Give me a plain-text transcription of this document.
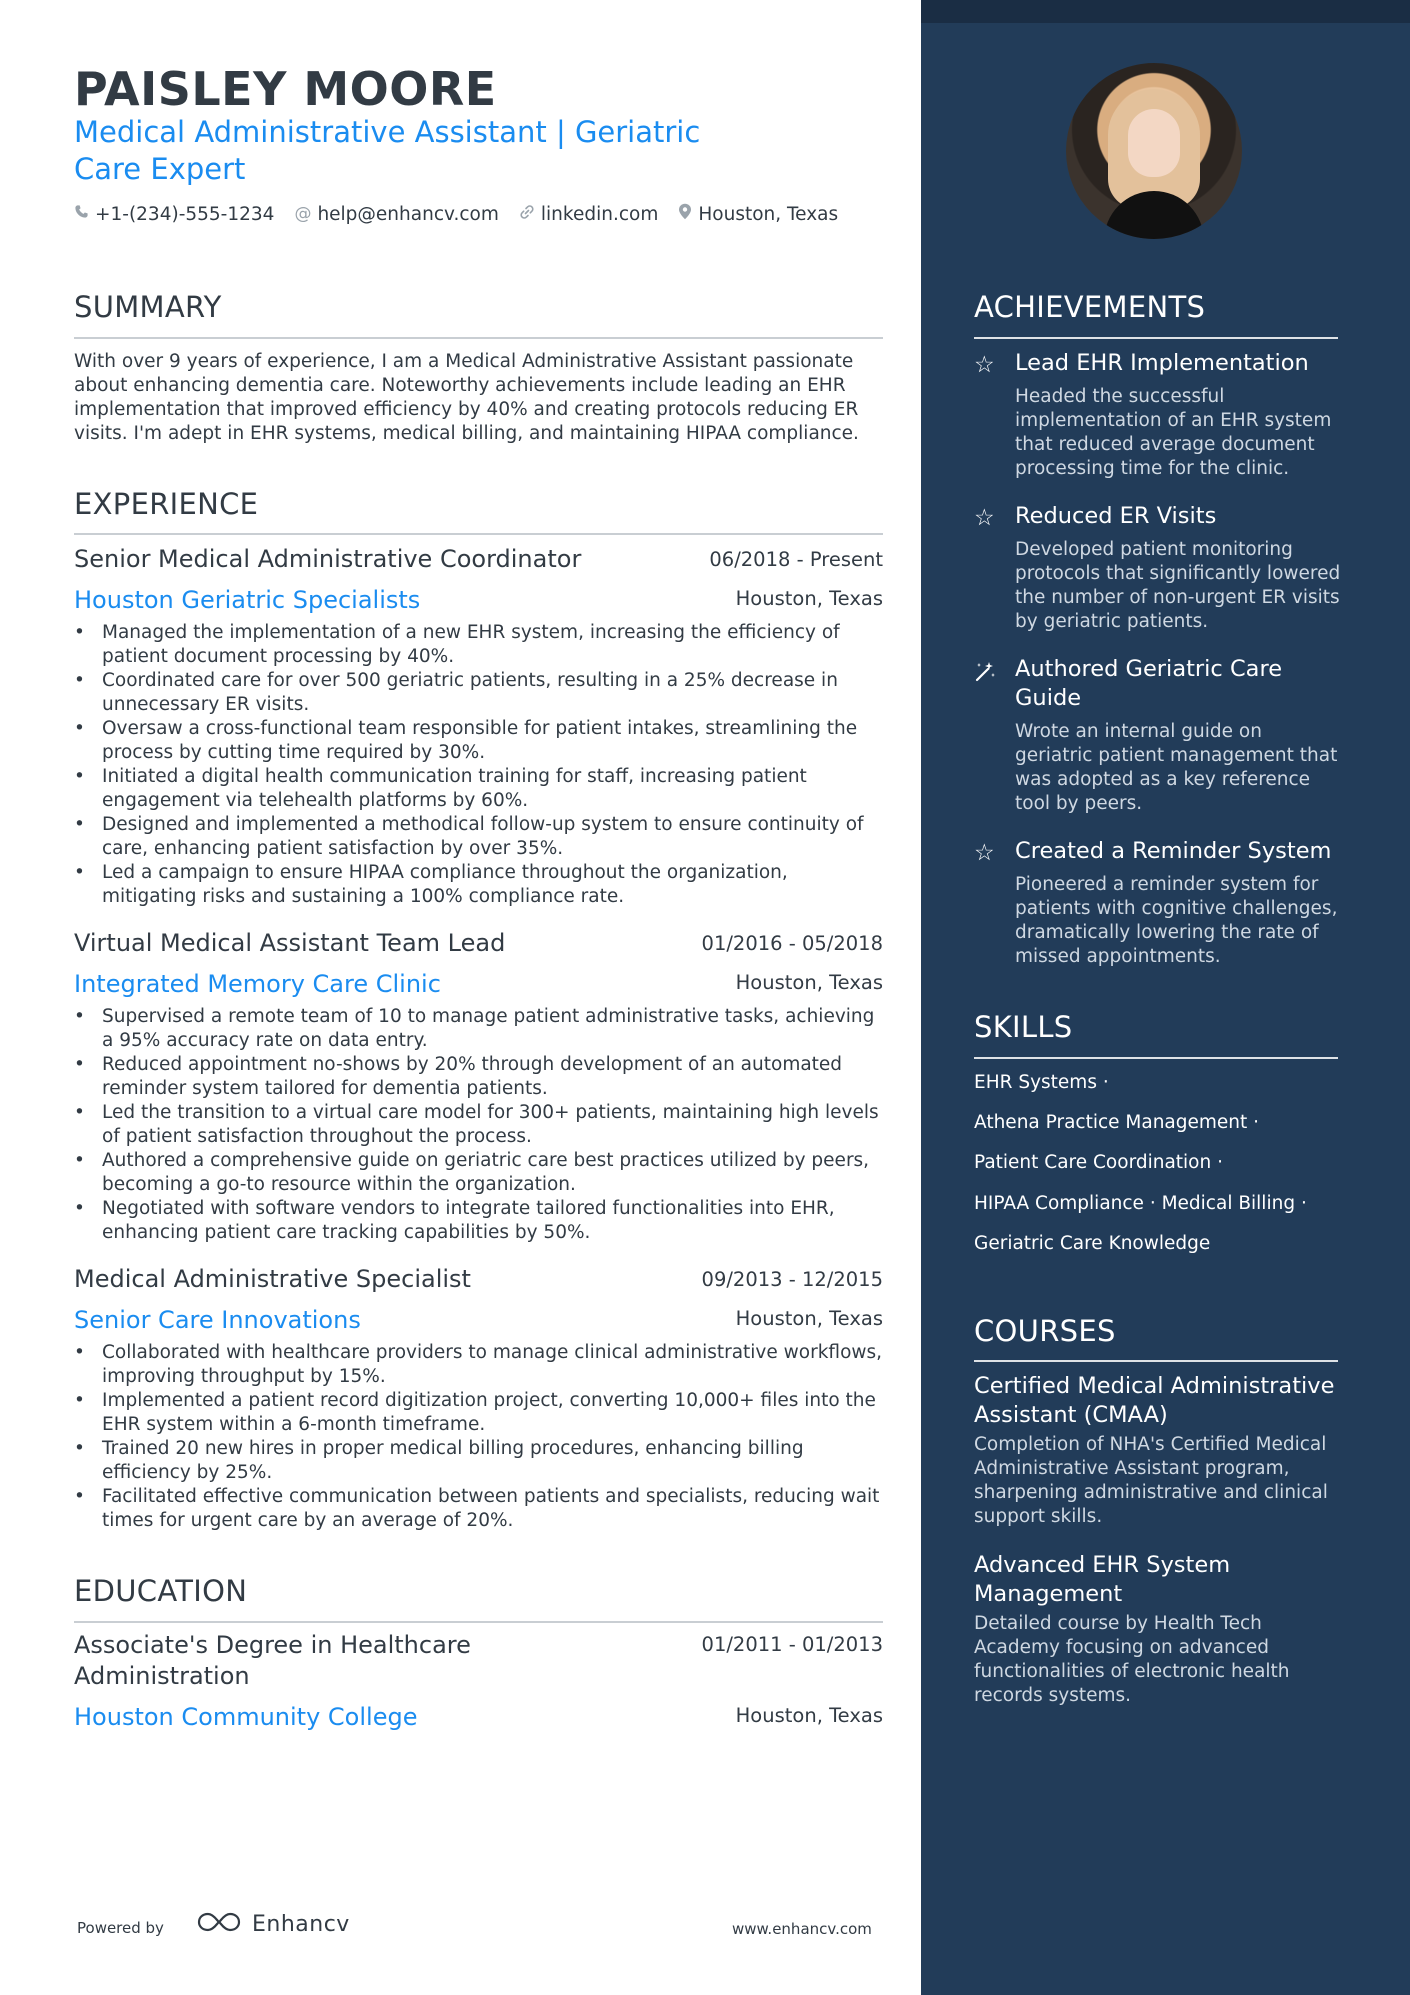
PAISLEY MOORE
Medical Administrative Assistant | Geriatric Care Expert
+1-(234)-555-1234 @ help@enhancv.com linkedin.com Houston, Texas
SUMMARY
With over 9 years of experience, I am a Medical Administrative Assistant passionate about enhancing dementia care. Noteworthy achievements include leading an EHR implementation that improved efficiency by 40% and creating protocols reducing ER visits. I'm adept in EHR systems, medical billing, and maintaining HIPAA compliance.
EXPERIENCE
Senior Medical Administrative Coordinator	06/2018 - Present
Houston Geriatric Specialists	Houston, Texas
• Managed the implementation of a new EHR system, increasing the efficiency of patient document processing by 40%.
• Coordinated care for over 500 geriatric patients, resulting in a 25% decrease in unnecessary ER visits.
• Oversaw a cross-functional team responsible for patient intakes, streamlining the process by cutting time required by 30%.
• Initiated a digital health communication training for staff, increasing patient engagement via telehealth platforms by 60%.
• Designed and implemented a methodical follow-up system to ensure continuity of care, enhancing patient satisfaction by over 35%.
• Led a campaign to ensure HIPAA compliance throughout the organization, mitigating risks and sustaining a 100% compliance rate.
Virtual Medical Assistant Team Lead	01/2016 - 05/2018
Integrated Memory Care Clinic	Houston, Texas
• Supervised a remote team of 10 to manage patient administrative tasks, achieving a 95% accuracy rate on data entry.
• Reduced appointment no-shows by 20% through development of an automated reminder system tailored for dementia patients.
• Led the transition to a virtual care model for 300+ patients, maintaining high levels of patient satisfaction throughout the process.
• Authored a comprehensive guide on geriatric care best practices utilized by peers, becoming a go-to resource within the organization.
• Negotiated with software vendors to integrate tailored functionalities into EHR, enhancing patient care tracking capabilities by 50%.
Medical Administrative Specialist	09/2013 - 12/2015
Senior Care Innovations	Houston, Texas
• Collaborated with healthcare providers to manage clinical administrative workflows, improving throughput by 15%.
• Implemented a patient record digitization project, converting 10,000+ files into the EHR system within a 6-month timeframe.
• Trained 20 new hires in proper medical billing procedures, enhancing billing efficiency by 25%.
• Facilitated effective communication between patients and specialists, reducing wait times for urgent care by an average of 20%.
EDUCATION
Associate's Degree in Healthcare Administration
01/2011 - 01/2013
Houston Community College	Houston, Texas
Powered by	Enhancv	www.enhancv.com
ACHIEVEMENTS
☆ Lead EHR Implementation
Headed the successful implementation of an EHR system that reduced average document processing time for the clinic.
☆ Reduced ER Visits
Developed patient monitoring protocols that significantly lowered the number of non-urgent ER visits by geriatric patients.
Authored Geriatric Care Guide
Wrote an internal guide on geriatric patient management that was adopted as a key reference tool by peers.
☆ Created a Reminder System
Pioneered a reminder system for patients with cognitive challenges, dramatically lowering the rate of missed appointments.
SKILLS
EHR Systems ·
Athena Practice Management ·
Patient Care Coordination ·
HIPAA Compliance · Medical Billing ·
Geriatric Care Knowledge
COURSES
Certified Medical Administrative Assistant (CMAA)
Completion of NHA's Certified Medical Administrative Assistant program, sharpening administrative and clinical support skills.
Advanced EHR System Management
Detailed course by Health Tech Academy focusing on advanced functionalities of electronic health records systems.
